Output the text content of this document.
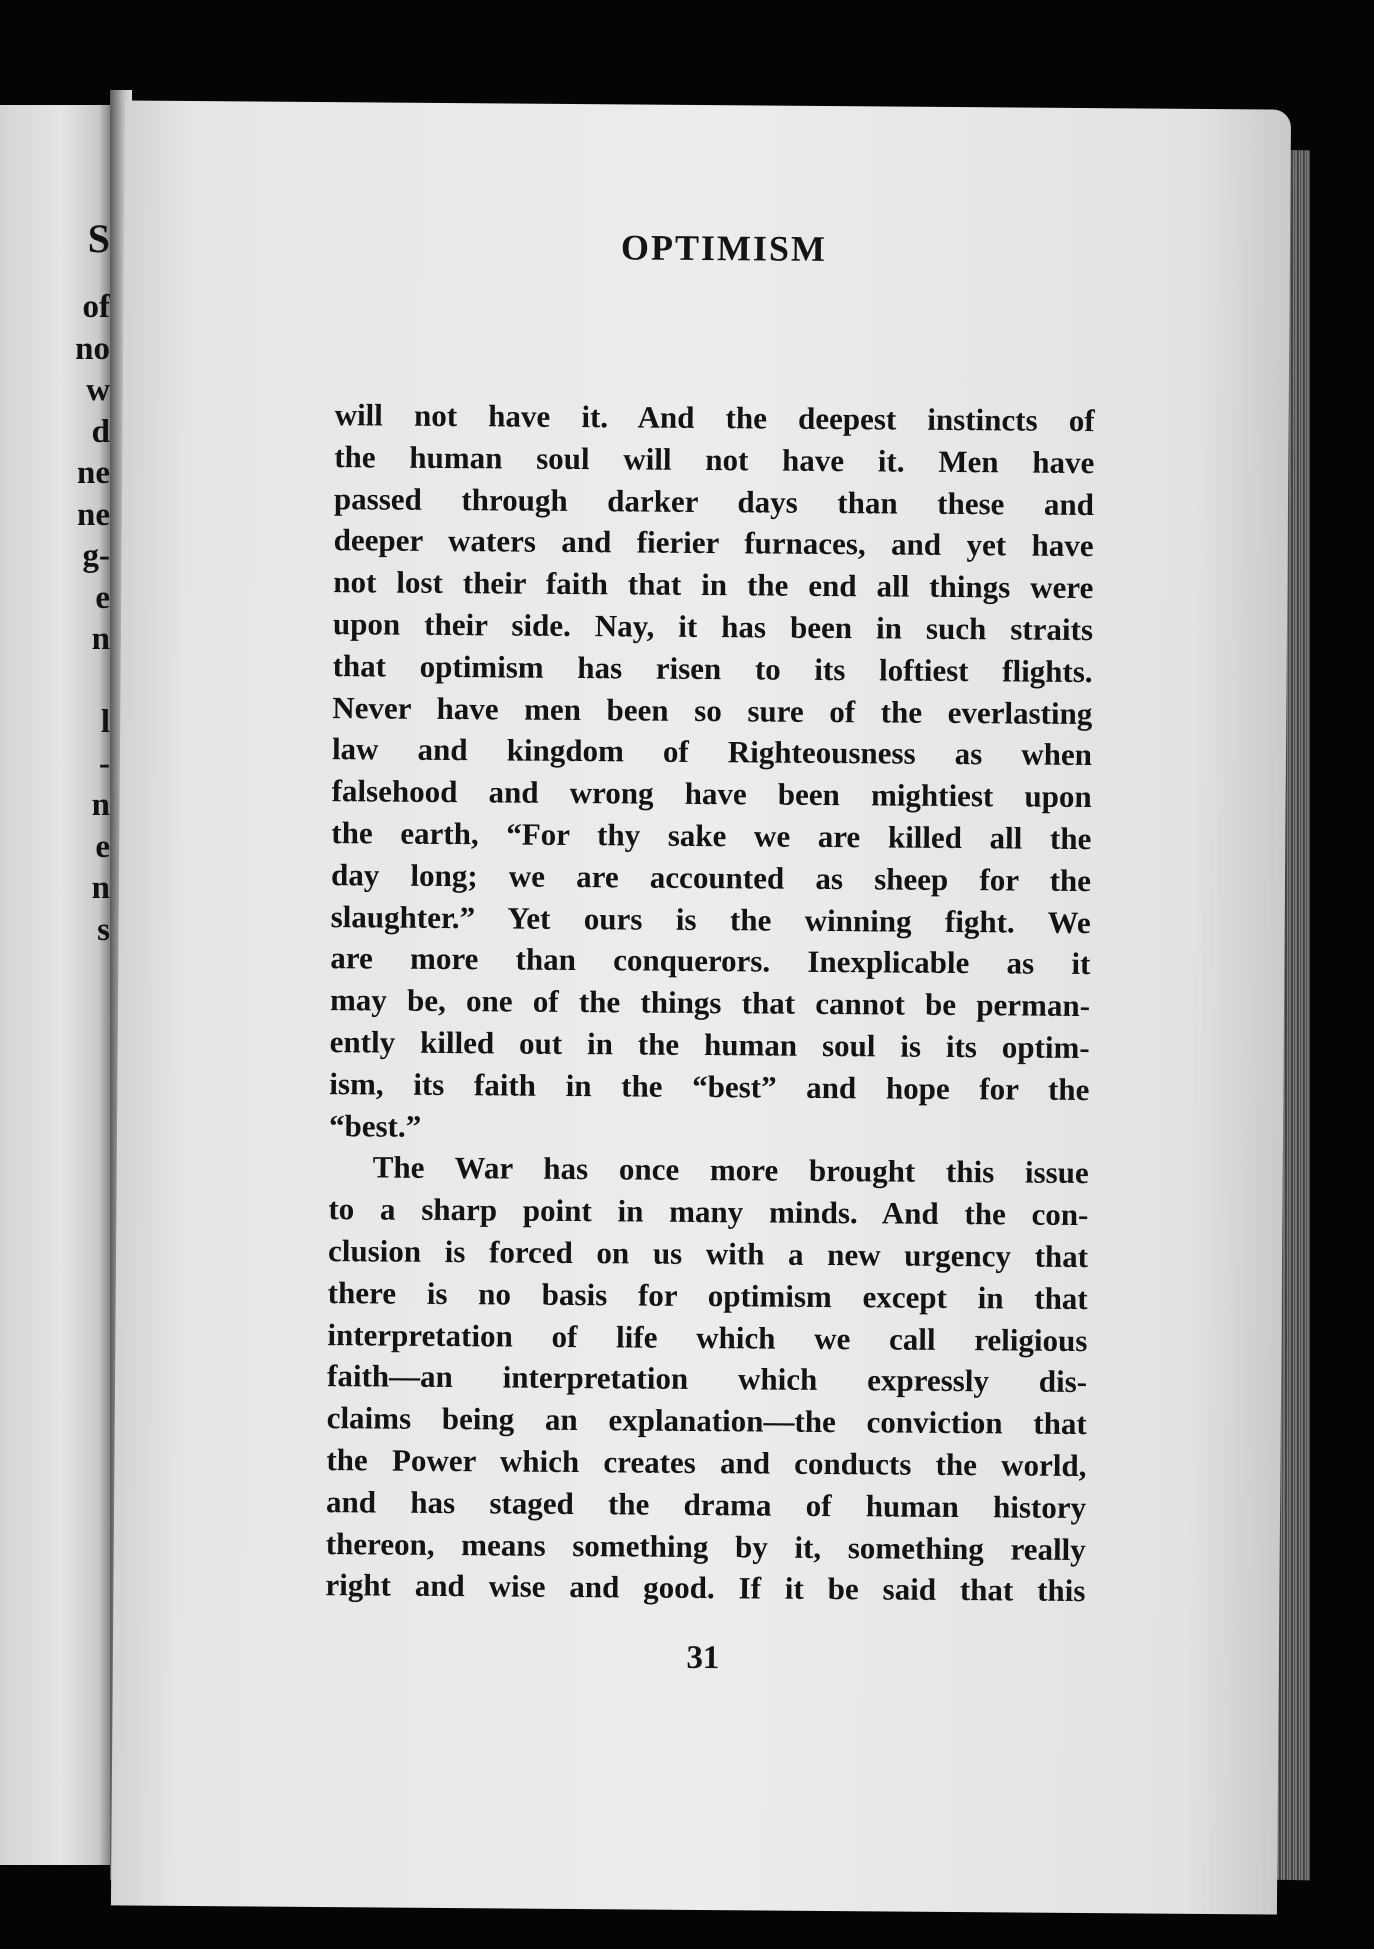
S
of
no
w
d
ne
ne
g-
e
n
l
-
n
e
n
s
OPTIMISM
will not have it. And the deepest instincts of
the human soul will not have it. Men have
passed through darker days than these and
deeper waters and fierier furnaces, and yet have
not lost their faith that in the end all things were
upon their side. Nay, it has been in such straits
that optimism has risen to its loftiest flights.
Never have men been so sure of the everlasting
law and kingdom of Righteousness as when
falsehood and wrong have been mightiest upon
the earth, “For thy sake we are killed all the
day long; we are accounted as sheep for the
slaughter.” Yet ours is the winning fight. We
are more than conquerors. Inexplicable as it
may be, one of the things that cannot be perman-
ently killed out in the human soul is its optim-
ism, its faith in the “best” and hope for the
“best.”
The War has once more brought this issue
to a sharp point in many minds. And the con-
clusion is forced on us with a new urgency that
there is no basis for optimism except in that
interpretation of life which we call religious
faith—an interpretation which expressly dis-
claims being an explanation—the conviction that
the Power which creates and conducts the world,
and has staged the drama of human history
thereon, means something by it, something really
right and wise and good. If it be said that this
31
